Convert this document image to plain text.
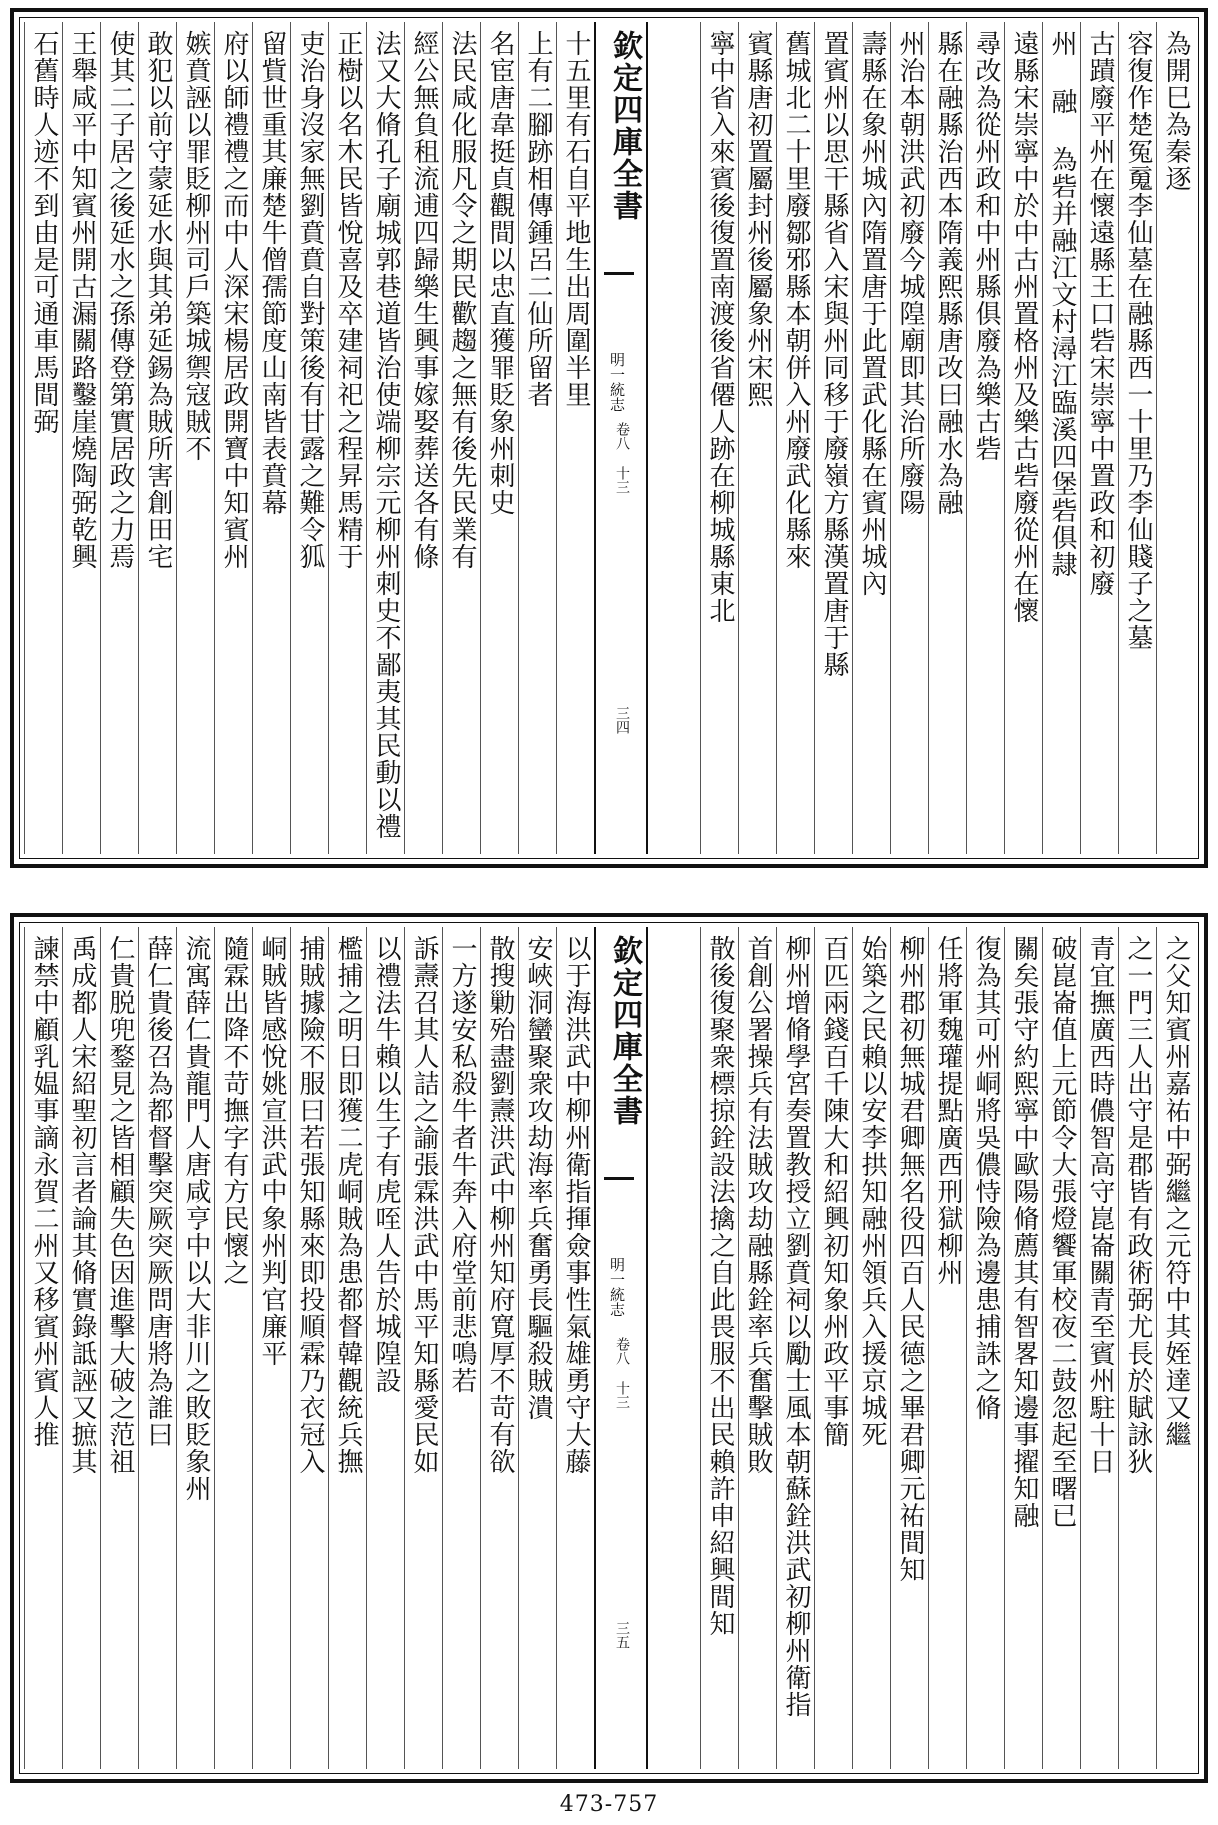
為開巳為秦逐
容復作楚冤䰟李仙墓在融縣西一十里乃李仙賤子之墓
古蹟廢平州在懷遠縣王口砦宋崇寧中置政和初廢
州 融 為砦并融江文村潯江臨溪四堡砦俱隷
遠縣宋崇寧中於中古州置格州及樂古砦廢從州在懷
尋改為從州政和中州縣俱廢為樂古砦
縣在融縣治西本隋義熙縣唐改曰融水為融
州治本朝洪武初廢今城隍廟即其治所廢陽
壽縣在象州城內隋置唐于此置武化縣在賓州城內
置賓州以思干縣省入宋與州同移于廢嶺方縣漢置唐于縣
舊城北二十里廢鄒邪縣本朝併入州廢武化縣來
賓縣唐初置屬封州後屬象州宋熙
寧中省入來賓後復置南渡後省僊人跡在柳城縣東北
欽定四庫全書
明一統志
卷八 十三
三四
十五里有石自平地生出周圍半里
上有二腳跡相傳鍾呂二仙所留者
名宦唐韋挺貞觀間以忠直獲罪貶象州刺史
法民咸化服凡令之期民歡趨之無有後先民業有
經公無負租流逋四歸樂生興事嫁娶葬送各有條
法又大脩孔子廟城郭巷道皆治使端柳宗元柳州刺史不鄙夷其民動以禮
正樹以名木民皆悅喜及卒建祠祀之程昇馬精于
吏治身沒家無劉賁賁自對策後有甘露之難令狐
留貲世重其廉楚牛僧孺節度山南皆表賁幕
府以師禮禮之而中人深宋楊居政開寶中知賓州
嫉賁誣以罪貶柳州司戶築城禦寇賊不
敢犯以前守蒙延水與其弟延錫為賊所害創田宅
使其二子居之後延水之孫傳登第實居政之力焉
王舉咸平中知賓州開古漏關路鑿崖燒陶弼乾興
石舊時人迹不到由是可通車馬間弼
之父知賓州嘉祐中弼繼之元符中其姪達又繼
之一門三人出守是郡皆有政術弼尤長於賦詠狄
青宜撫廣西時儂智高守崑崙關青至賓州駐十日
破崑崙值上元節令大張燈饗軍校夜二鼓忽起至曙已
關矣張守約熙寧中歐陽脩薦其有智畧知邊事擢知融
復為其可州峒將吳儂恃險為邊患捕誅之脩
任將軍魏瓘提點廣西刑獄柳州
柳州郡初無城君卿無名役四百人民德之畢君卿元祐間知
始築之民賴以安李拱知融州領兵入援京城死
百匹兩錢百千陳大和紹興初知象州政平事簡
柳州增脩學宮奏置教授立劉賁祠以勵士風本朝蘇銓洪武初柳州衛指
首創公署操兵有法賊攻劫融縣銓率兵奮擊賊敗
散後復聚衆標掠銓設法擒之自此畏服不出民賴許申紹興間知
欽定四庫全書
明一統志
卷八 十三
三五
以于海洪武中柳州衛指揮僉事性氣雄勇守大藤
安峽洞蠻聚衆攻劫海率兵奮勇長驅殺賊潰
散搜勦殆盡劉燾洪武中柳州知府寬厚不苛有欲
一方遂安私殺牛者牛奔入府堂前悲鳴若
訴燾召其人詰之諭張霖洪武中馬平知縣愛民如
以禮法牛賴以生子有虎咥人告於城隍設
檻捕之明日即獲二虎峒賊為患都督韓觀統兵撫
捕賊據險不服曰若張知縣來即投順霖乃衣冠入
峒賊皆感悅姚宣洪武中象州判官廉平
隨霖出降不苛撫字有方民懷之
流寓薛仁貴龍門人唐咸亨中以大非川之敗貶象州
薛仁貴後召為都督擊突厥突厥問唐將為誰曰
仁貴脱兜鍪見之皆相顧失色因進擊大破之范祖
禹成都人宋紹聖初言者論其脩實錄詆誣又摭其
諫禁中顧乳媪事謫永賀二州又移賓州賓人推
473-757
